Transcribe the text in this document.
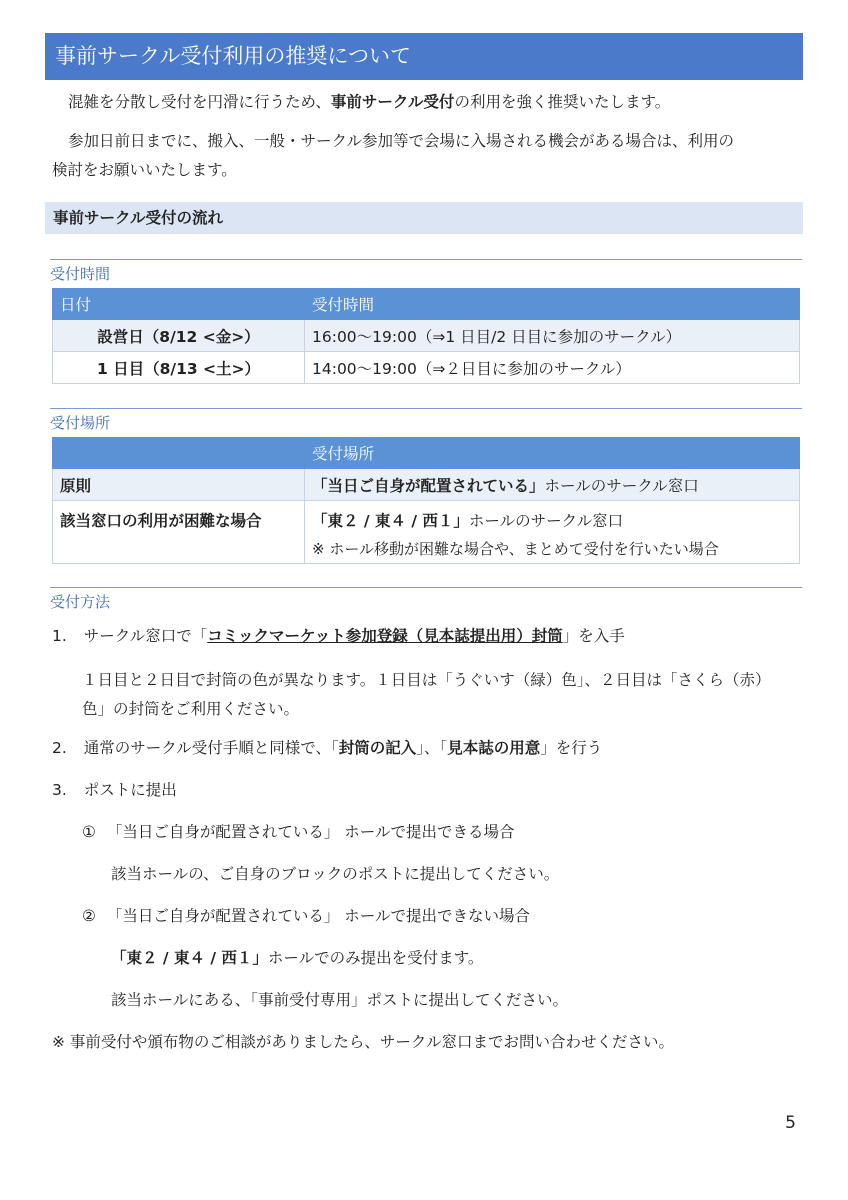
事前サークル受付利用の推奨について
混雑を分散し受付を円滑に行うため、事前サークル受付の利用を強く推奨いたします。
参加日前日までに、搬入、一般・サークル参加等で会場に入場される機会がある場合は、利用の
検討をお願いいたします。
事前サークル受付の流れ
受付時間
日付	受付時間
設営日（8/12 <金>）	16:00～19:00（⇒1 日目/2 日目に参加のサークル）
1 日目（8/13 <土>）	14:00～19:00（⇒２日目に参加のサークル）
受付場所
	受付場所
原則	「当日ご自身が配置されている」ホールのサークル窓口
該当窓口の利用が困難な場合	「東２ / 東４ / 西１」ホールのサークル窓口
※ ホール移動が困難な場合や、まとめて受付を行いたい場合
受付方法
1. サークル窓口で「コミックマーケット参加登録（見本誌提出用）封筒」を入手
１日目と２日目で封筒の色が異なります。１日目は「うぐいす（緑）色」、２日目は「さくら（赤）
色」の封筒をご利用ください。
2. 通常のサークル受付手順と同様で、「封筒の記入」、「見本誌の用意」を行う
3. ポストに提出
① 「当日ご自身が配置されている」 ホールで提出できる場合
該当ホールの、ご自身のブロックのポストに提出してください。
② 「当日ご自身が配置されている」 ホールで提出できない場合
「東２ / 東４ / 西１」ホールでのみ提出を受付ます。
該当ホールにある、「事前受付専用」ポストに提出してください。
※ 事前受付や頒布物のご相談がありましたら、サークル窓口までお問い合わせください。
5
